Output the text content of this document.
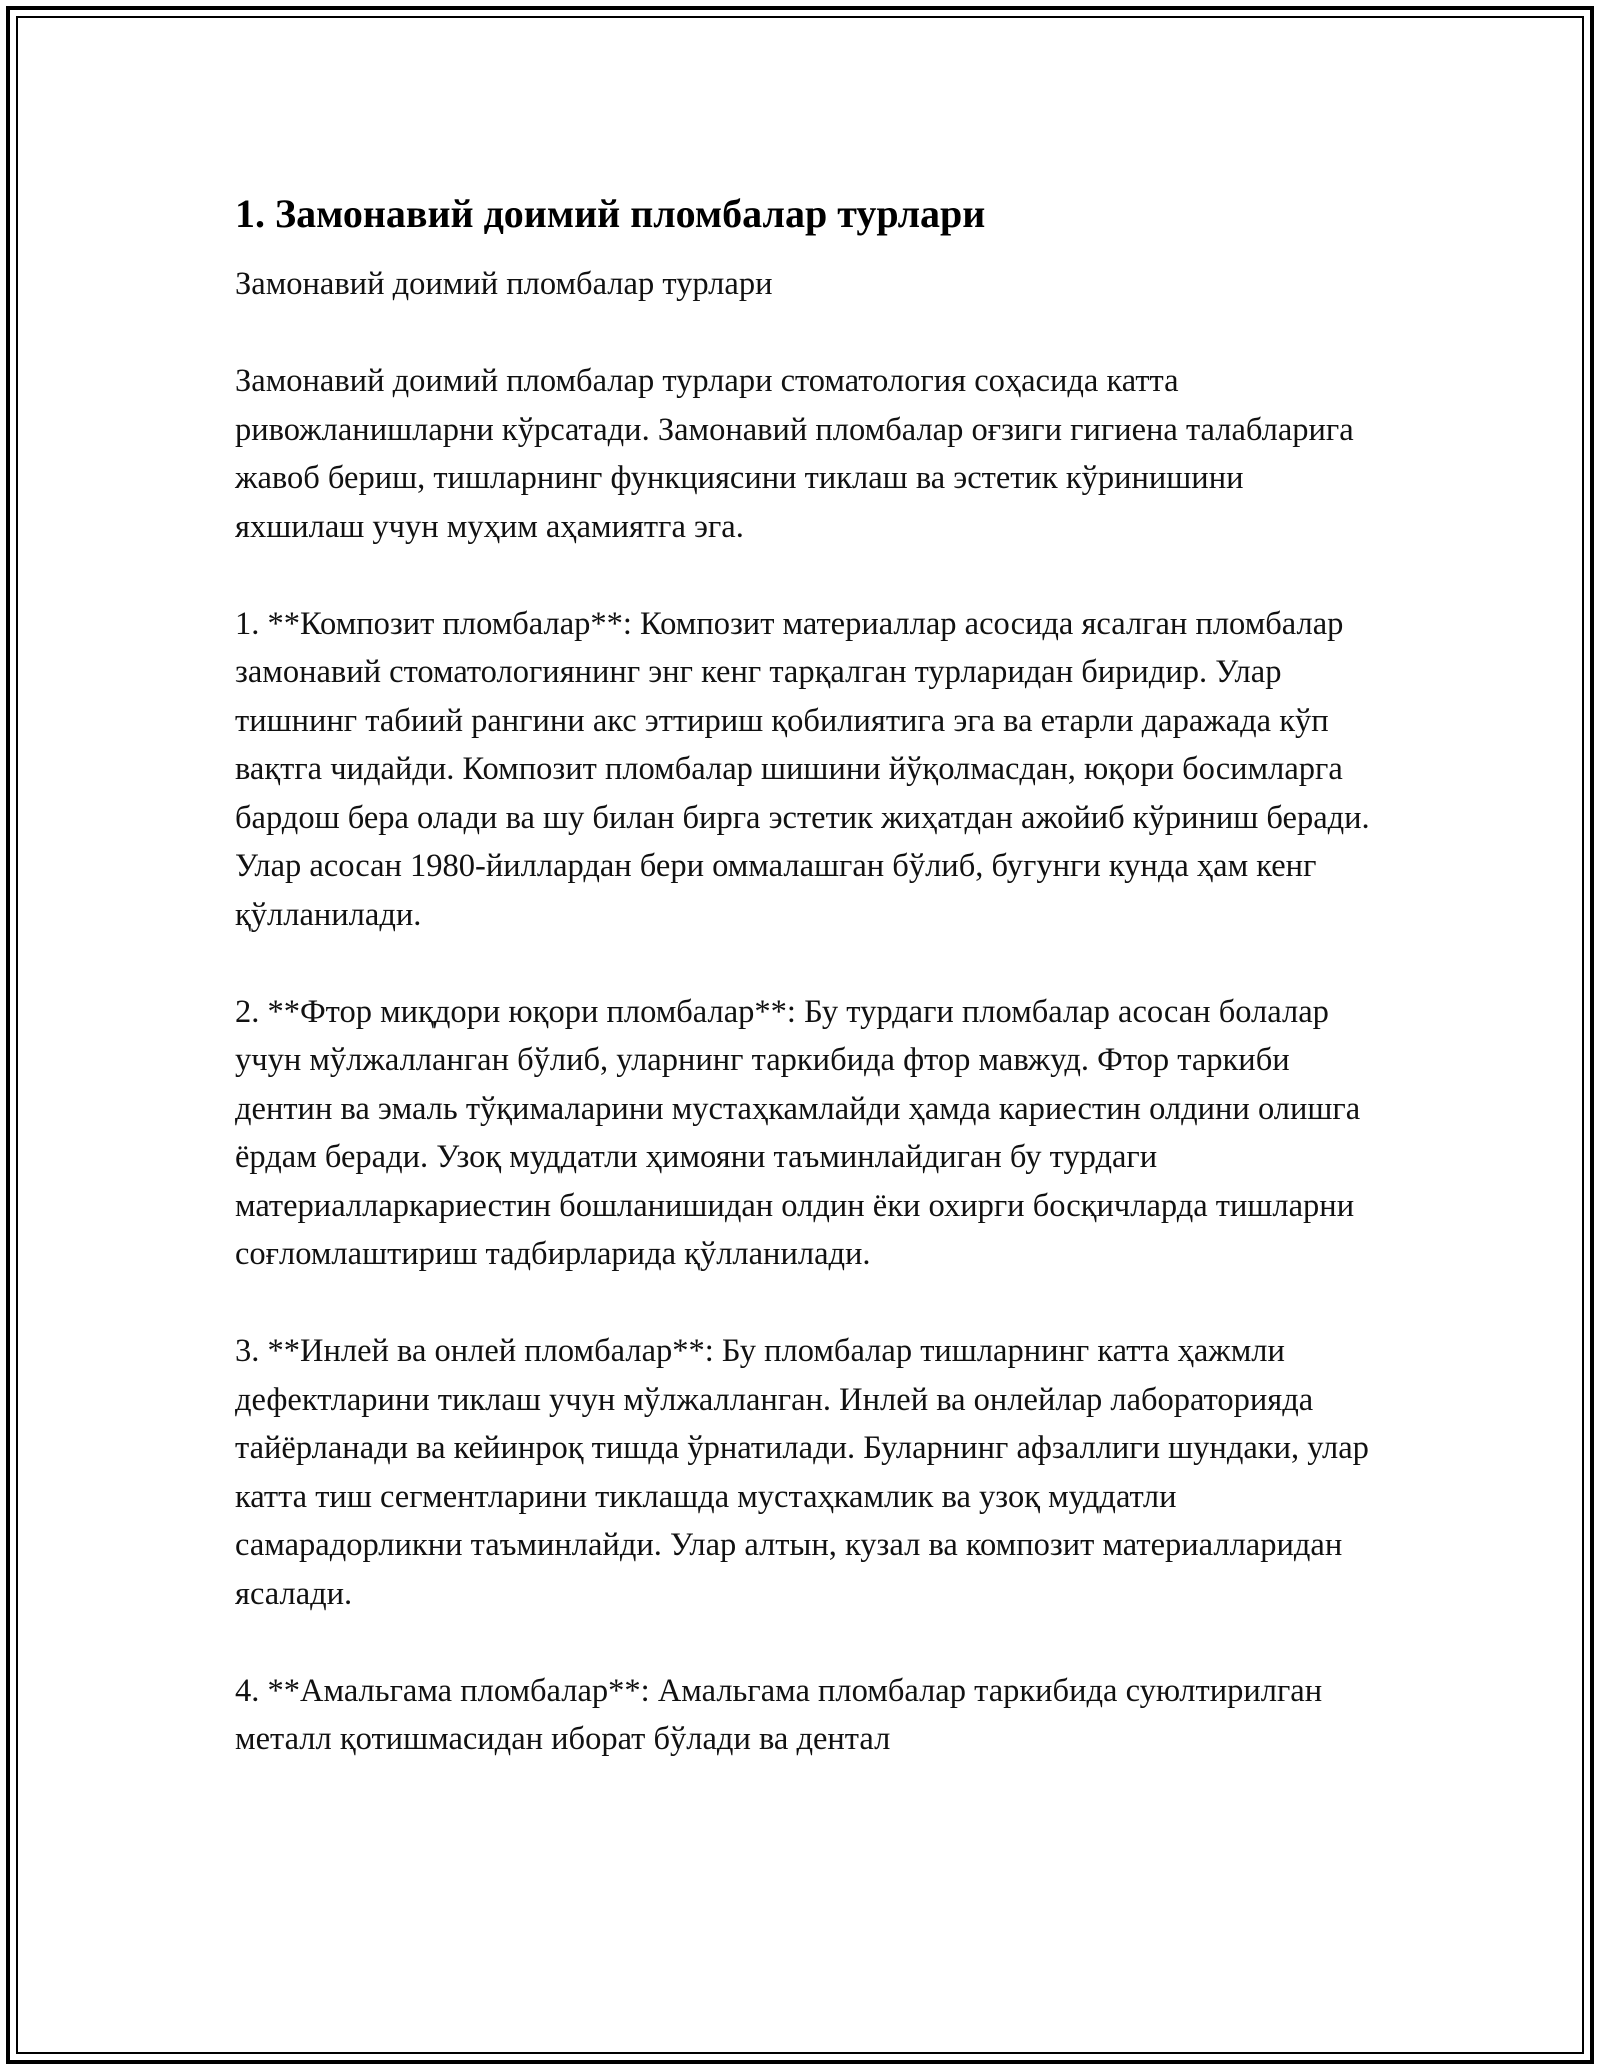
1. Замонавий доимий пломбалар турлари

Замонавий доимий пломбалар турлари

Замонавий доимий пломбалар турлари стоматология соҳасида катта ривожланишларни кўрсатади. Замонавий пломбалар оғзиги гигиена талабларига жавоб бериш, тишларнинг функциясини тиклаш ва эстетик кўринишини яхшилаш учун муҳим аҳамиятга эга.

1. **Композит пломбалар**: Композит материаллар асосида ясалган пломбалар замонавий стоматологиянинг энг кенг тарқалган турларидан биридир. Улар тишнинг табиий рангини акс эттириш қобилиятига эга ва етарли даражада кўп вақтга чидайди. Композит пломбалар шишини йўқолмасдан, юқори босимларга бардош бера олади ва шу билан бирга эстетик жиҳатдан ажойиб кўриниш беради. Улар асосан 1980-йиллардан бери оммалашган бўлиб, бугунги кунда ҳам кенг қўлланилади.

2. **Фтор миқдори юқори пломбалар**: Бу турдаги пломбалар асосан болалар учун мўлжалланган бўлиб, уларнинг таркибида фтор мавжуд. Фтор таркиби дентин ва эмаль тўқималарини мустаҳкамлайди ҳамда кариестин олдини олишга ёрдам беради. Узоқ муддатли ҳимояни таъминлайдиган бу турдаги материалларкариестин бошланишидан олдин ёки охирги босқичларда тишларни соғломлаштириш тадбирларида қўлланилади.

3. **Инлей ва онлей пломбалар**: Бу пломбалар тишларнинг катта ҳажмли дефектларини тиклаш учун мўлжалланган. Инлей ва онлейлар лабораторияда тайёрланади ва кейинроқ тишда ўрнатилади. Буларнинг афзаллиги шундаки, улар катта тиш сегментларини тиклашда мустаҳкамлик ва узоқ муддатли самарадорликни таъминлайди. Улар алтын, кузал ва композит материалларидан ясалади.

4. **Амальгама пломбалар**: Амальгама пломбалар таркибида суюлтирилган металл қотишмасидан иборат бўлади ва дентал
